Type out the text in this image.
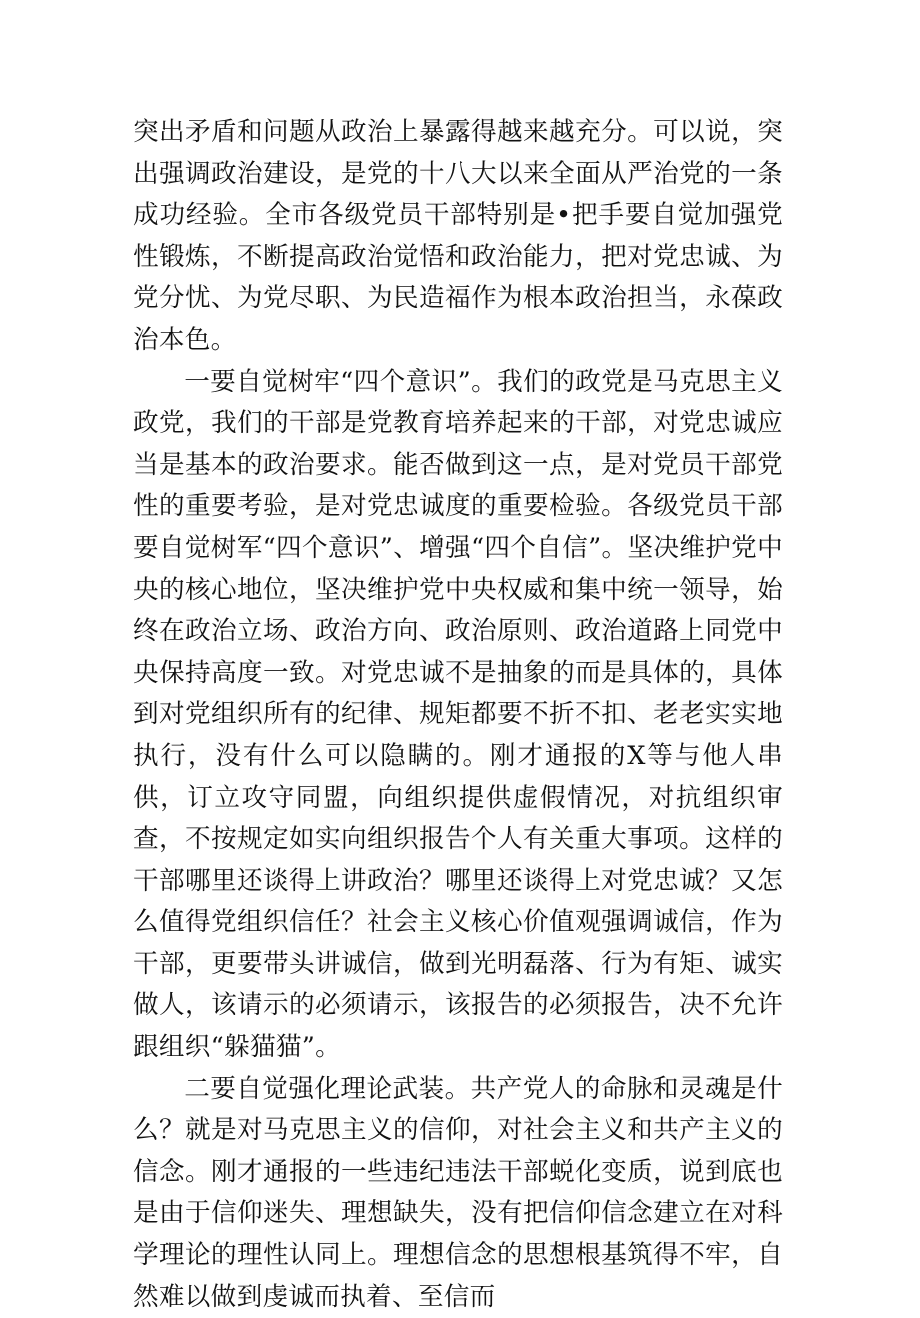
突出矛盾和问题从政治上暴露得越来越充分。可以说，突出强调政治建设，是党的十八大以来全面从严治党的一条成功经验。全市各级党员干部特别是•把手要自觉加强党性锻炼，不断提高政治觉悟和政治能力，把对党忠诚、为党分忧、为党尽职、为民造福作为根本政治担当，永葆政治本色。

一要自觉树牢“四个意识”。我们的政党是马克思主义政党，我们的干部是党教育培养起来的干部，对党忠诚应当是基本的政治要求。能否做到这一点，是对党员干部党性的重要考验，是对党忠诚度的重要检验。各级党员干部要自觉树军“四个意识”、增强“四个自信”。坚决维护党中央的核心地位，坚决维护党中央权威和集中统一领导，始终在政治立场、政治方向、政治原则、政治道路上同党中央保持高度一致。对党忠诚不是抽象的而是具体的，具体到对党组织所有的纪律、规矩都要不折不扣、老老实实地执行，没有什么可以隐瞒的。刚才通报的X等与他人串供，订立攻守同盟，向组织提供虚假情况，对抗组织审查，不按规定如实向组织报告个人有关重大事项。这样的干部哪里还谈得上讲政治？哪里还谈得上对党忠诚？又怎么值得党组织信任？社会主义核心价值观强调诚信，作为干部，更要带头讲诚信，做到光明磊落、行为有矩、诚实做人，该请示的必须请示，该报告的必须报告，决不允许跟组织“躲猫猫”。

二要自觉强化理论武装。共产党人的命脉和灵魂是什么？就是对马克思主义的信仰，对社会主义和共产主义的信念。刚才通报的一些违纪违法干部蜕化变质，说到底也是由于信仰迷失、理想缺失，没有把信仰信念建立在对科学理论的理性认同上。理想信念的思想根基筑得不牢，自然难以做到虔诚而执着、至信而
